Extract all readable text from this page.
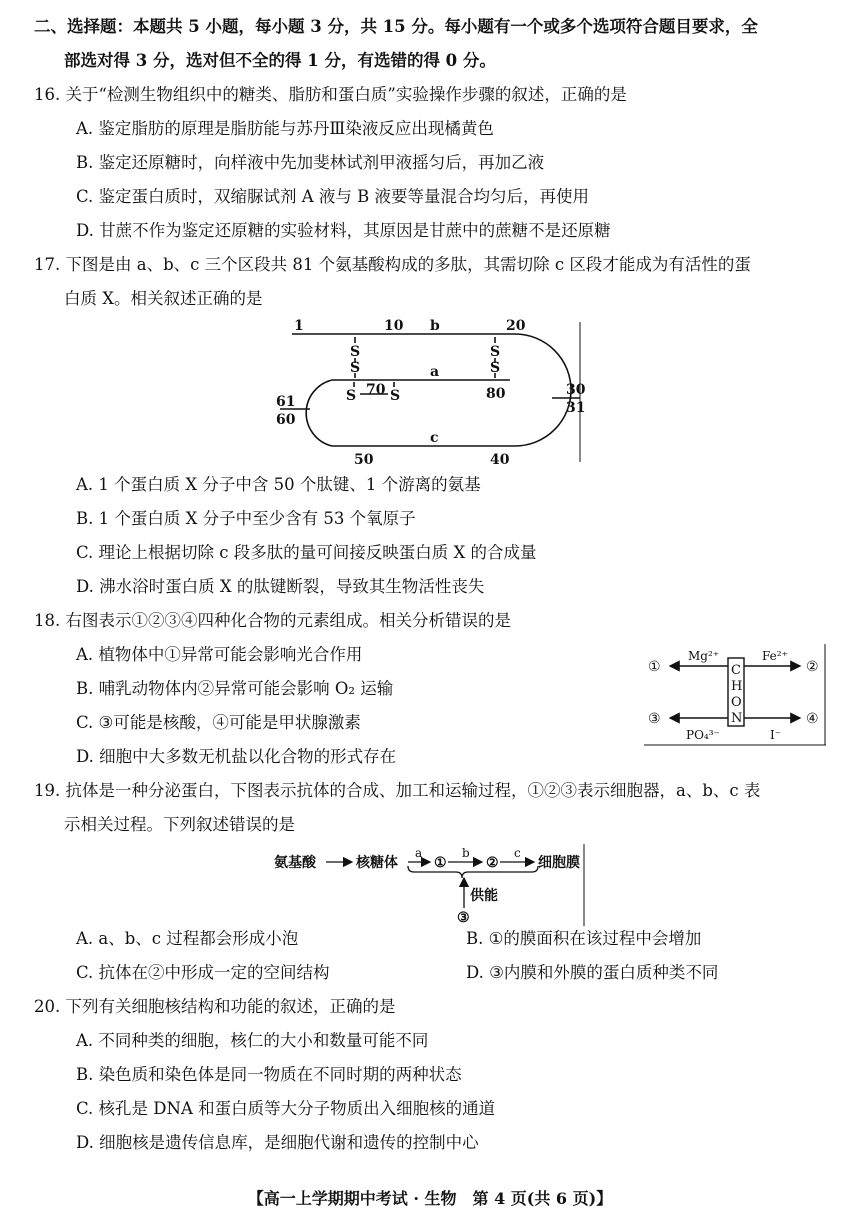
二、选择题：本题共 5 小题，每小题 3 分，共 15 分。每小题有一个或多个选项符合题目要求，全
部选对得 3 分，选对但不全的得 1 分，有选错的得 0 分。
16. 关于“检测生物组织中的糖类、脂肪和蛋白质”实验操作步骤的叙述，正确的是
A. 鉴定脂肪的原理是脂肪能与苏丹Ⅲ染液反应出现橘黄色
B. 鉴定还原糖时，向样液中先加斐林试剂甲液摇匀后，再加乙液
C. 鉴定蛋白质时，双缩脲试剂 A 液与 B 液要等量混合均匀后，再使用
D. 甘蔗不作为鉴定还原糖的实验材料，其原因是甘蔗中的蔗糖不是还原糖
17. 下图是由 a、b、c 三个区段共 81 个氨基酸构成的多肽，其需切除 c 区段才能成为有活性的蛋
白质 X。相关叙述正确的是
1	10 b	20
S
S
S
S
a
S 70 S	80
61
60
30
31
c
50	40
A. 1 个蛋白质 X 分子中含 50 个肽键、1 个游离的氨基
B. 1 个蛋白质 X 分子中至少含有 53 个氧原子
C. 理论上根据切除 c 段多肽的量可间接反映蛋白质 X 的合成量
D. 沸水浴时蛋白质 X 的肽键断裂，导致其生物活性丧失
18. 右图表示①②③④四种化合物的元素组成。相关分析错误的是
A. 植物体中①异常可能会影响光合作用
B. 哺乳动物体内②异常可能会影响 O₂ 运输
C. ③可能是核酸，④可能是甲状腺激素
D. 细胞中大多数无机盐以化合物的形式存在
①	②
③	④
Mg²⁺	Fe²⁺
PO₄³⁻	I⁻
C
H
O
N
19. 抗体是一种分泌蛋白，下图表示抗体的合成、加工和运输过程，①②③表示细胞器，a、b、c 表
示相关过程。下列叙述错误的是
氨基酸	核糖体
a
①
b
②
c
细胞膜
供能
③
A. a、b、c 过程都会形成小泡	B. ①的膜面积在该过程中会增加
C. 抗体在②中形成一定的空间结构	D. ③内膜和外膜的蛋白质种类不同
20. 下列有关细胞核结构和功能的叙述，正确的是
A. 不同种类的细胞，核仁的大小和数量可能不同
B. 染色质和染色体是同一物质在不同时期的两种状态
C. 核孔是 DNA 和蛋白质等大分子物质出入细胞核的通道
D. 细胞核是遗传信息库，是细胞代谢和遗传的控制中心
【高一上学期期中考试 · 生物　第 4 页(共 6 页)】
